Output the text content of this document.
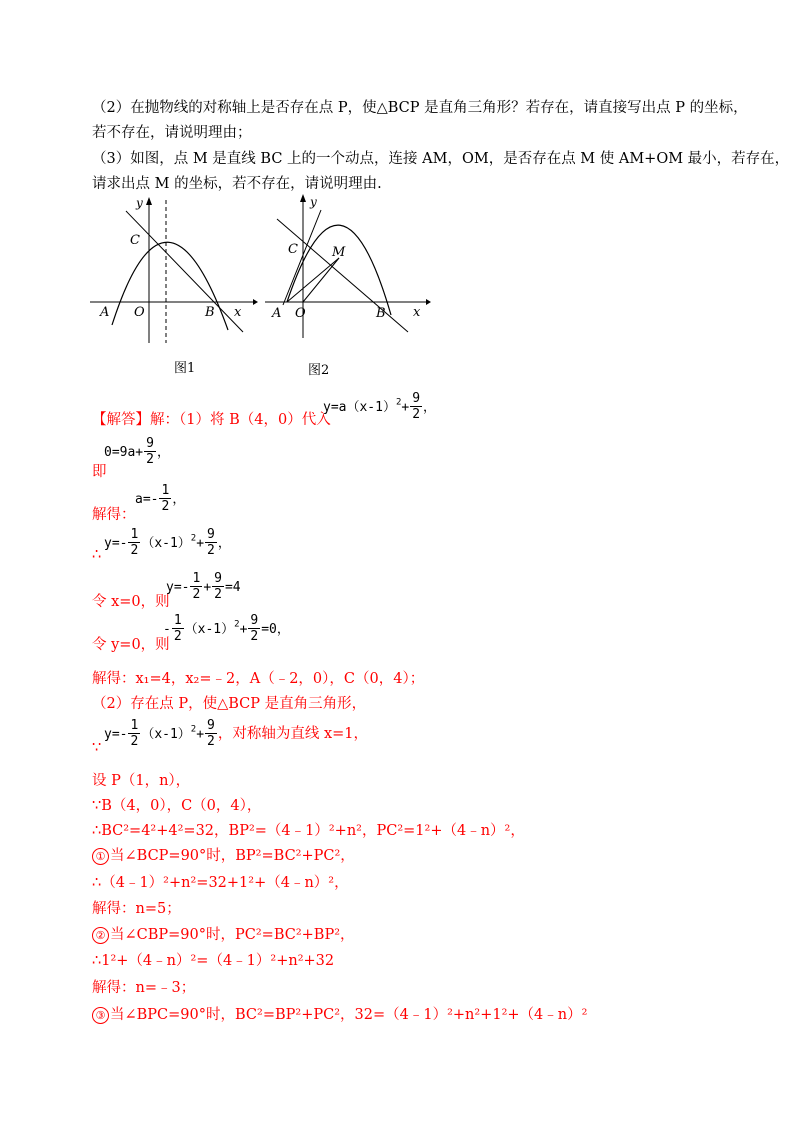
（2）在抛物线的对称轴上是否存在点 P，使△BCP 是直角三角形？若存在，请直接写出点 P 的坐标，
若不存在，请说明理由；
（3）如图，点 M 是直线 BC 上的一个动点，连接 AM，OM，是否存在点 M 使 AM+OM 最小，若存在，
请求出点 M 的坐标，若不存在，请说明理由.
C
y
x
A O	B
图1
y
C	M
A O	B x
图2
【解答】解：（1）将 B（4，0）代入
$y=a(x-1)^2+ \frac{9}{2}$ ，
即
$0=9a+ \frac{9}{2}$ ，
解得：
$a=- \frac{1}{2}$ ，
∴
$y=- \frac{1}{2} (x-1)^2+ \frac{9}{2}$ ，
令 x=0，则
$y=- \frac{1}{2} + \frac{9}{2} =4$
令 y=0，则
- $\frac{1}{2} (x-1)^2+ \frac{9}{2} =0$，
解得：x₁=4，x₂=﹣2，A（﹣2，0），C（0，4）；
（2）存在点 P，使△BCP 是直角三角形，
∵
$y=- \frac{1}{2} (x-1)^2+ \frac{9}{2}$ ，对称轴为直线 x=1，
设 P（1，n），
∵B（4，0），C（0，4），
∴BC²=4²+4²=32，BP²=（4﹣1）²+n²，PC²=1²+（4﹣n）²，
① 当∠BCP=90°时，BP²=BC²+PC²，
∴（4﹣1）²+n²=32+1²+（4﹣n）²，
解得：n=5；
② 当∠CBP=90°时，PC²=BC²+BP²，
∴1²+（4﹣n）²=（4﹣1）²+n²+32
解得：n=﹣3；
③ 当∠BPC=90°时，BC²=BP²+PC²，32=（4﹣1）²+n²+1²+（4﹣n）²
